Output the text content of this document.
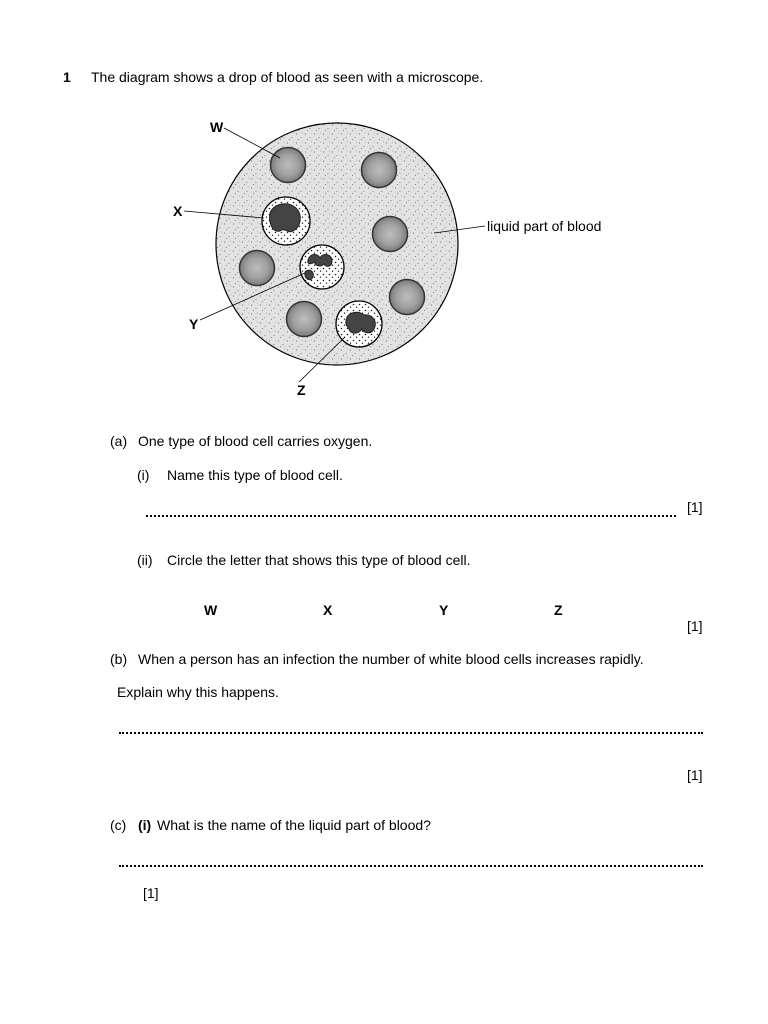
1 The diagram shows a drop of blood as seen with a microscope.
W
X
Y
Z
liquid part of blood
(a) One type of blood cell carries oxygen.
(i) Name this type of blood cell.
[1]
(ii) Circle the letter that shows this type of blood cell.
W	X	Y	Z
[1]
(b) When a person has an infection the number of white blood cells increases rapidly.
Explain why this happens.
[1]
(c) (i) What is the name of the liquid part of blood?
[1]
